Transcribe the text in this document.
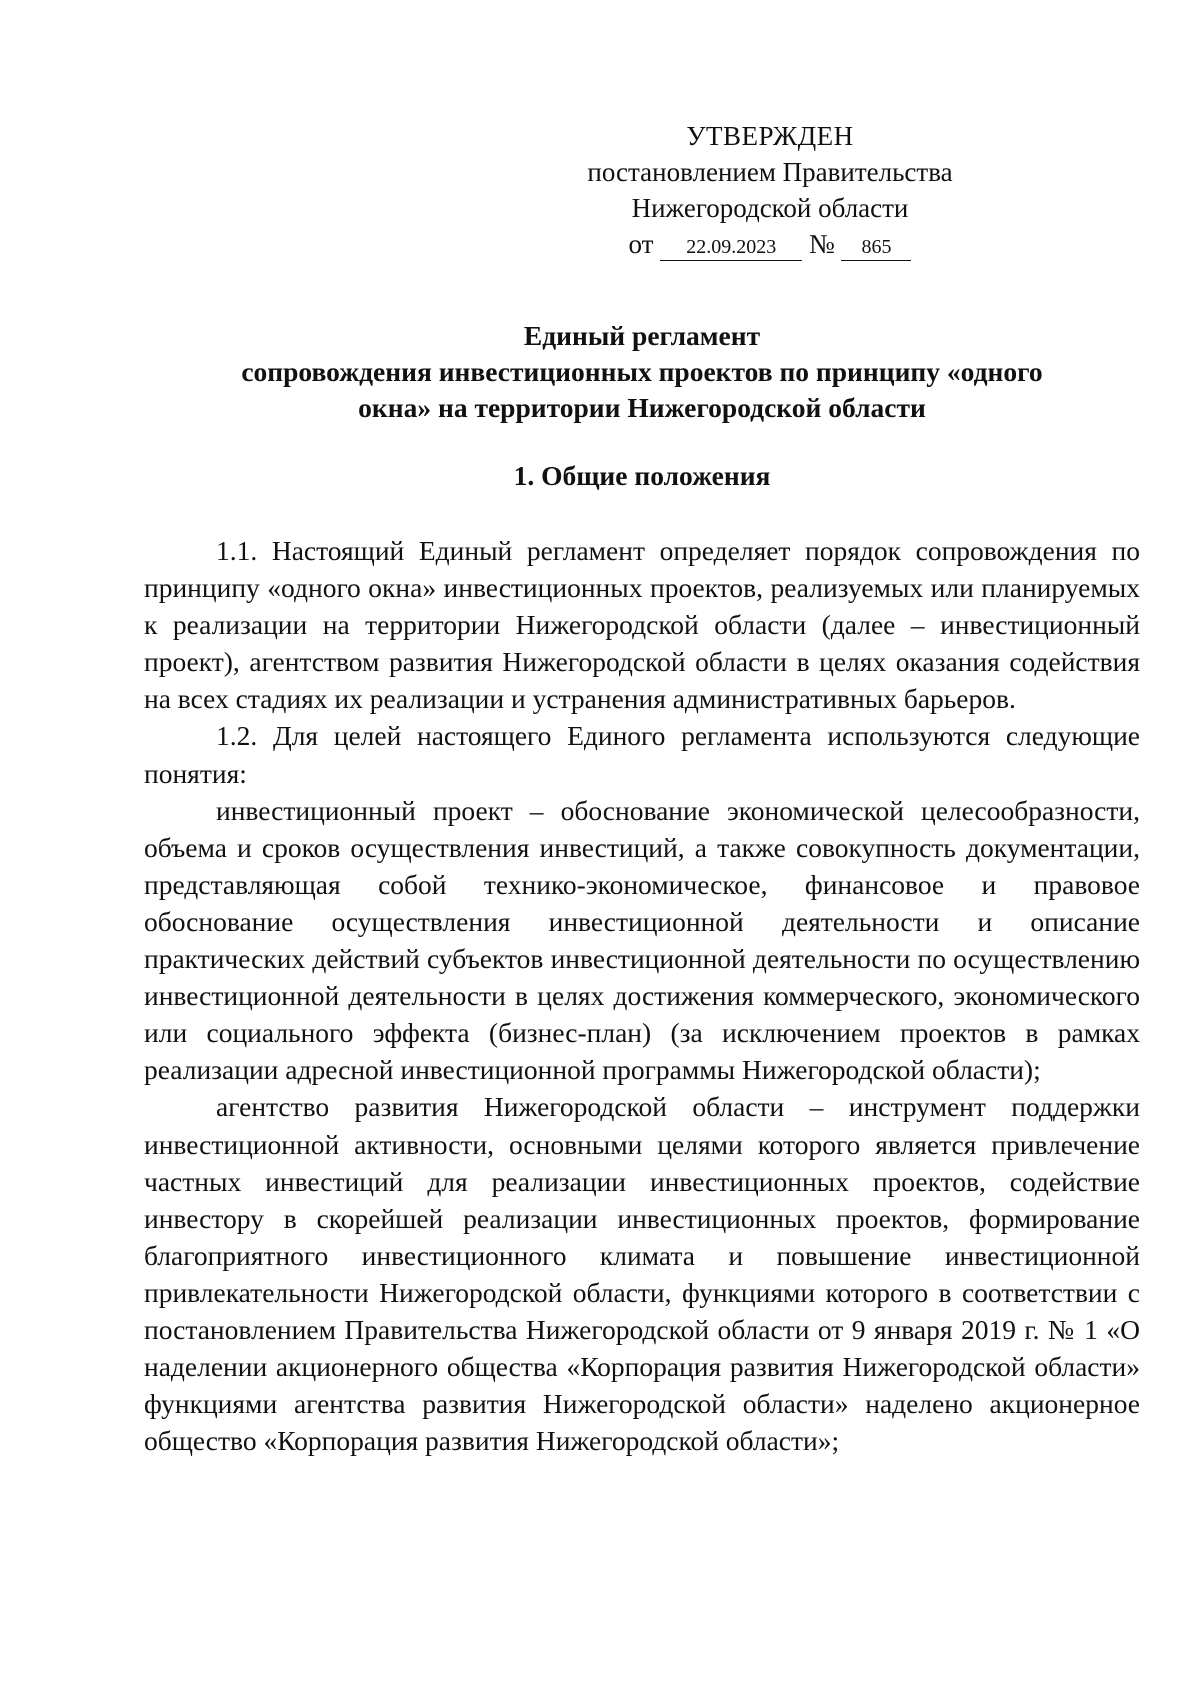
УТВЕРЖДЕН
постановлением Правительства
Нижегородской области
от 22.09.2023 № 865
Единый регламент
сопровождения инвестиционных проектов по принципу «одного
окна» на территории Нижегородской области
1. Общие положения

1.1. Настоящий Единый регламент определяет порядок сопровождения по принципу «одного окна» инвестиционных проектов, реализуемых или планируемых к реализации на территории Нижегородской области (далее – инвестиционный проект), агентством развития Нижегородской области в целях оказания содействия на всех стадиях их реализации и устранения административных барьеров.

1.2. Для целей настоящего Единого регламента используются следующие понятия:

инвестиционный проект – обоснование экономической целесообразности, объема и сроков осуществления инвестиций, а также совокупность документации, представляющая собой технико-экономическое, финансовое и правовое обоснование осуществления инвестиционной деятельности и описание практических действий субъектов инвестиционной деятельности по осуществлению инвестиционной деятельности в целях достижения коммерческого, экономического или социального эффекта (бизнес-план) (за исключением проектов в рамках реализации адресной инвестиционной программы Нижегородской области);

агентство развития Нижегородской области – инструмент поддержки инвестиционной активности, основными целями которого является привлечение частных инвестиций для реализации инвестиционных проектов, содействие инвестору в скорейшей реализации инвестиционных проектов, формирование благоприятного инвестиционного климата и повышение инвестиционной привлекательности Нижегородской области, функциями которого в соответствии с постановлением Правительства Нижегородской области от 9 января 2019 г. № 1 «О наделении акционерного общества «Корпорация развития Нижегородской области» функциями агентства развития Нижегородской области» наделено акционерное общество «Корпорация развития Нижегородской области»;
